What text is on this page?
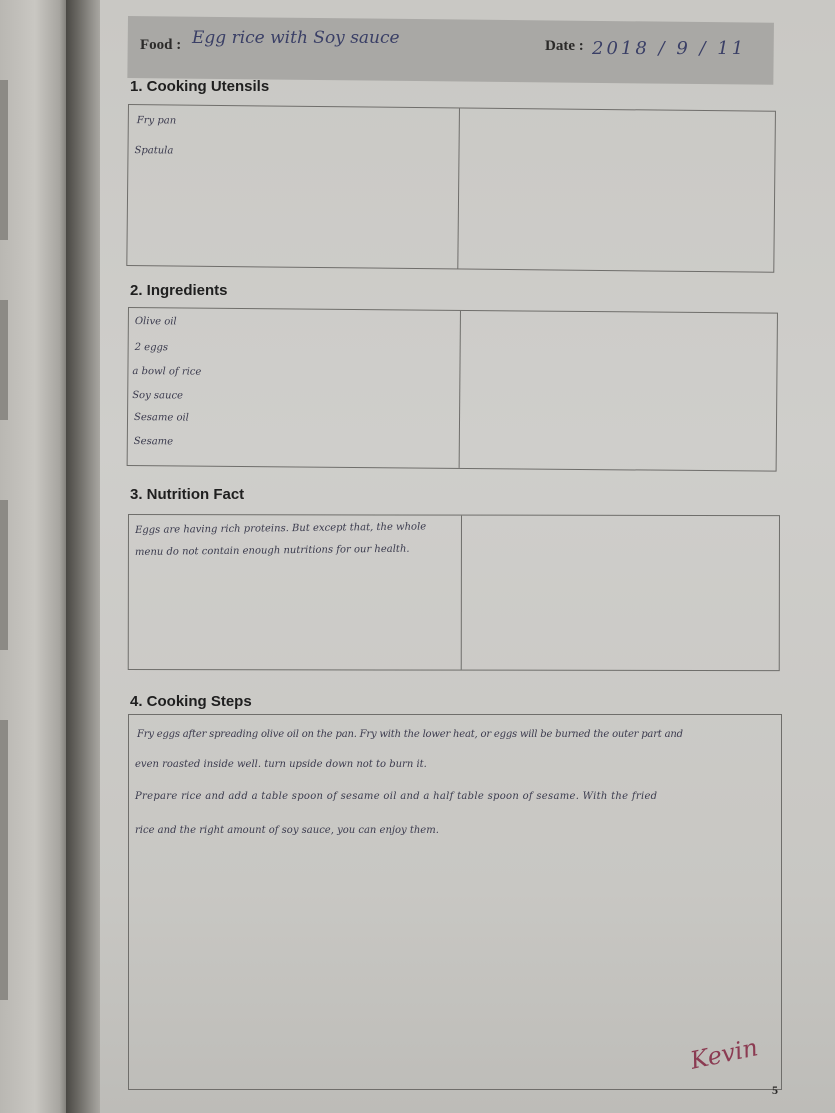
Food : Egg rice with Soy sauce	Date : 2018 / 9 / 11
1. Cooking Utensils
Fry pan
Spatula
2. Ingredients
Olive oil
2 eggs
a bowl of rice
Soy sauce
Sesame oil
Sesame
3. Nutrition Fact
Eggs are having rich proteins. But except that, the whole
menu do not contain enough nutritions for our health.
4. Cooking Steps
Fry eggs after spreading olive oil on the pan. Fry with the lower heat, or eggs will be burned the outer part and
even roasted inside well. turn upside down not to burn it.
Prepare rice and add a table spoon of sesame oil and a half table spoon of sesame. With the fried
rice and the right amount of soy sauce, you can enjoy them.
Kevin
5
